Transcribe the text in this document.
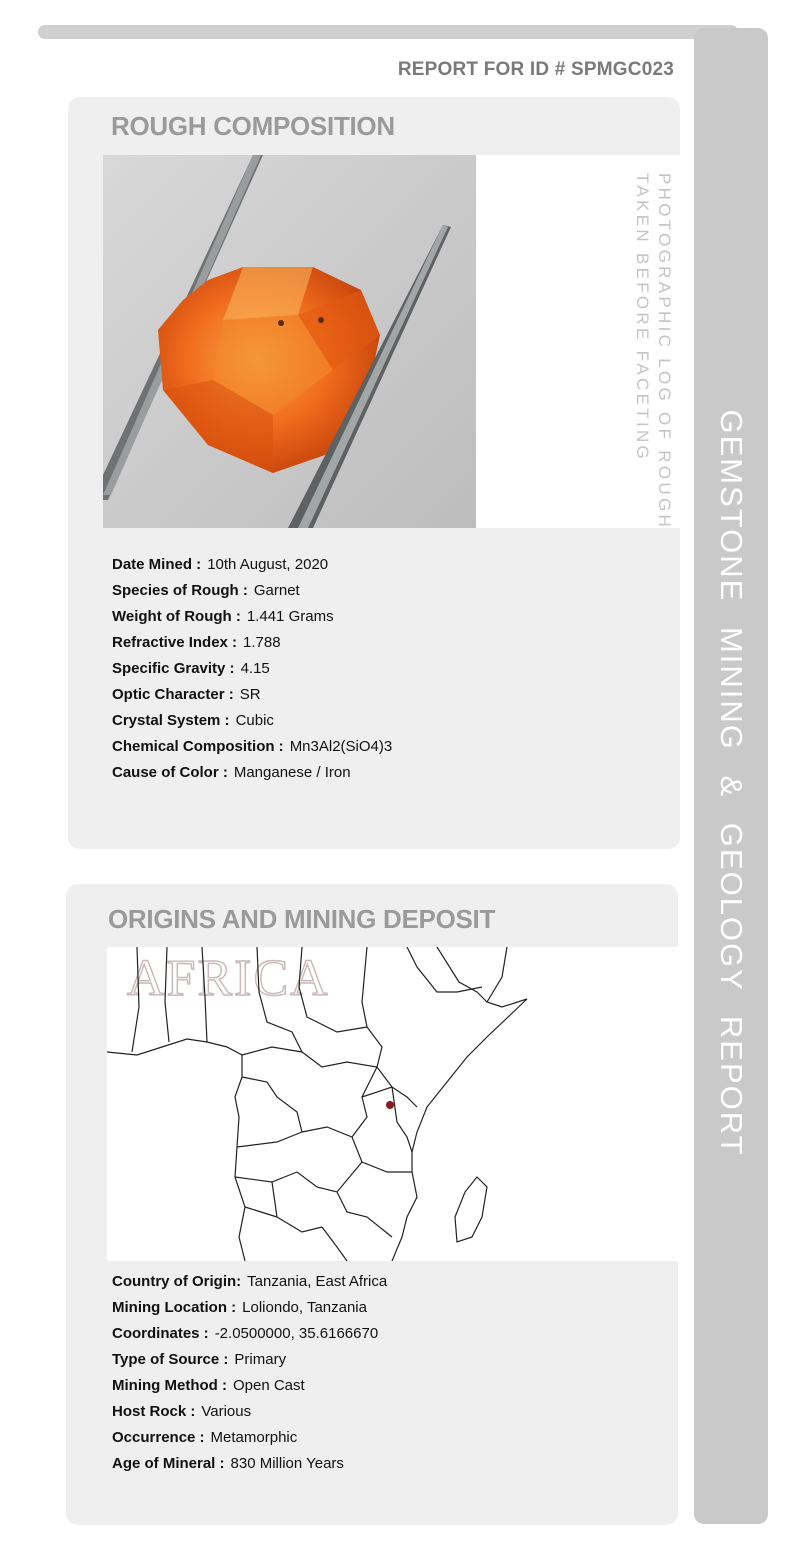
GEMSTONE MINING & GEOLOGY REPORT
REPORT FOR ID # SPMGC023
ROUGH COMPOSITION
PHOTOGRAPHIC LOG OF ROUGH
TAKEN BEFORE FACETING
Date Mined : 10th August, 2020
Species of Rough : Garnet
Weight of Rough : 1.441 Grams
Refractive Index : 1.788
Specific Gravity : 4.15
Optic Character : SR
Crystal System : Cubic
Chemical Composition : Mn3Al2(SiO4)3
Cause of Color : Manganese / Iron
ORIGINS AND MINING DEPOSIT
AFRICA
Country of Origin: Tanzania, East Africa
Mining Location : Loliondo, Tanzania
Coordinates : -2.0500000, 35.6166670
Type of Source : Primary
Mining Method : Open Cast
Host Rock : Various
Occurrence : Metamorphic
Age of Mineral : 830 Million Years
